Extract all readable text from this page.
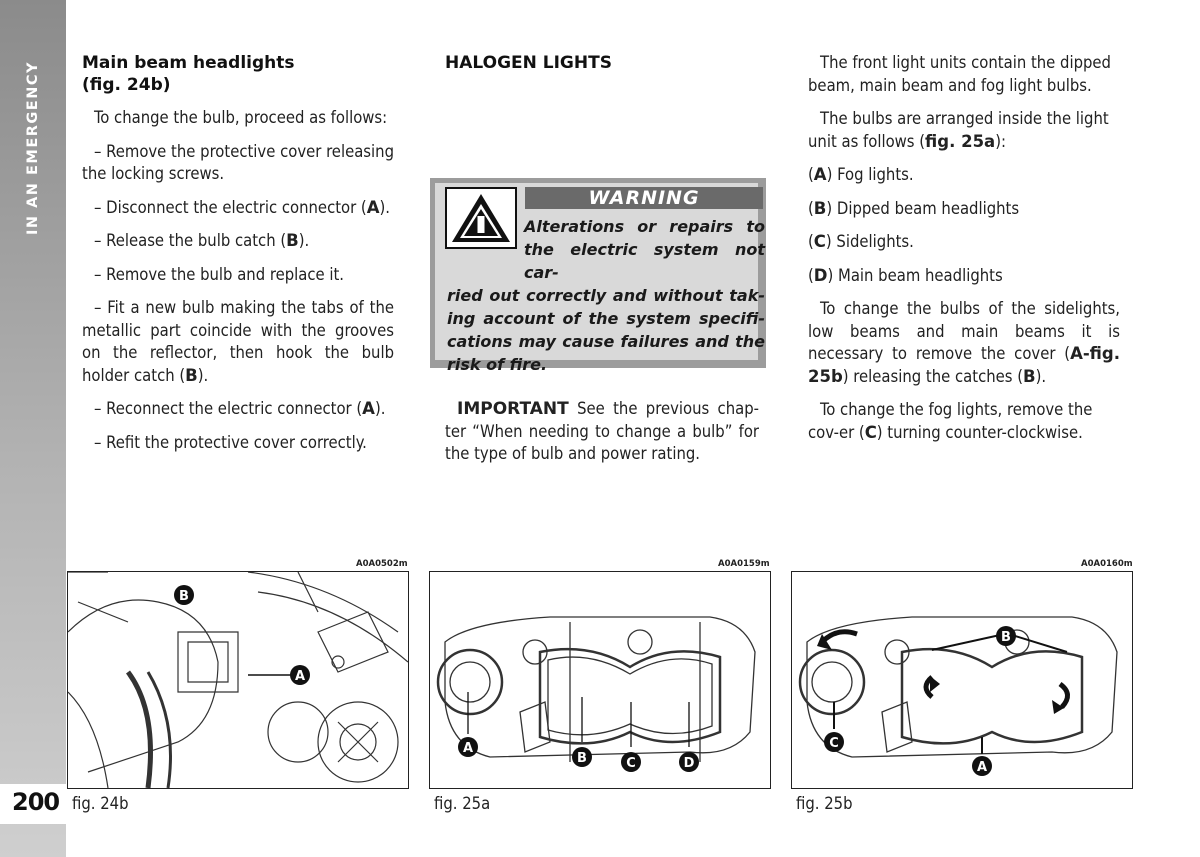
IN AN EMERGENCY
200
Main beam headlights
(fig. 24b)

To change the bulb, proceed as follows:

– Remove the protective cover releasing the locking screws.

– Disconnect the electric connector (A).

– Release the bulb catch (B).

– Remove the bulb and replace it.

– Fit a new bulb making the tabs of the metallic part coincide with the grooves on the reflector, then hook the bulb holder catch (B).

– Reconnect the electric connector (A).

– Refit the protective cover correctly.

HALOGEN LIGHTS
WARNING
Alterations or repairs to the electric system not car-
ried out correctly and without tak-ing account of the system specifi-cations may cause failures and the risk of fire.

IMPORTANT See the previous chap-ter “When needing to change a bulb” for the type of bulb and power rating.

The front light units contain the dipped beam, main beam and fog light bulbs.

The bulbs are arranged inside the light unit as follows (fig. 25a):

(A) Fog lights.

(B) Dipped beam headlights

(C) Sidelights.

(D) Main beam headlights

To change the bulbs of the sidelights, low beams and main beams it is necessary to remove the cover (A-fig. 25b) releasing the catches (B).

To change the fog lights, remove the cov-er (C) turning counter-clockwise.

A0A0502m	A0A0159m	A0A0160m
B
A
A
B	C	D
B
C
A
fig. 24b	fig. 25a	fig. 25b
